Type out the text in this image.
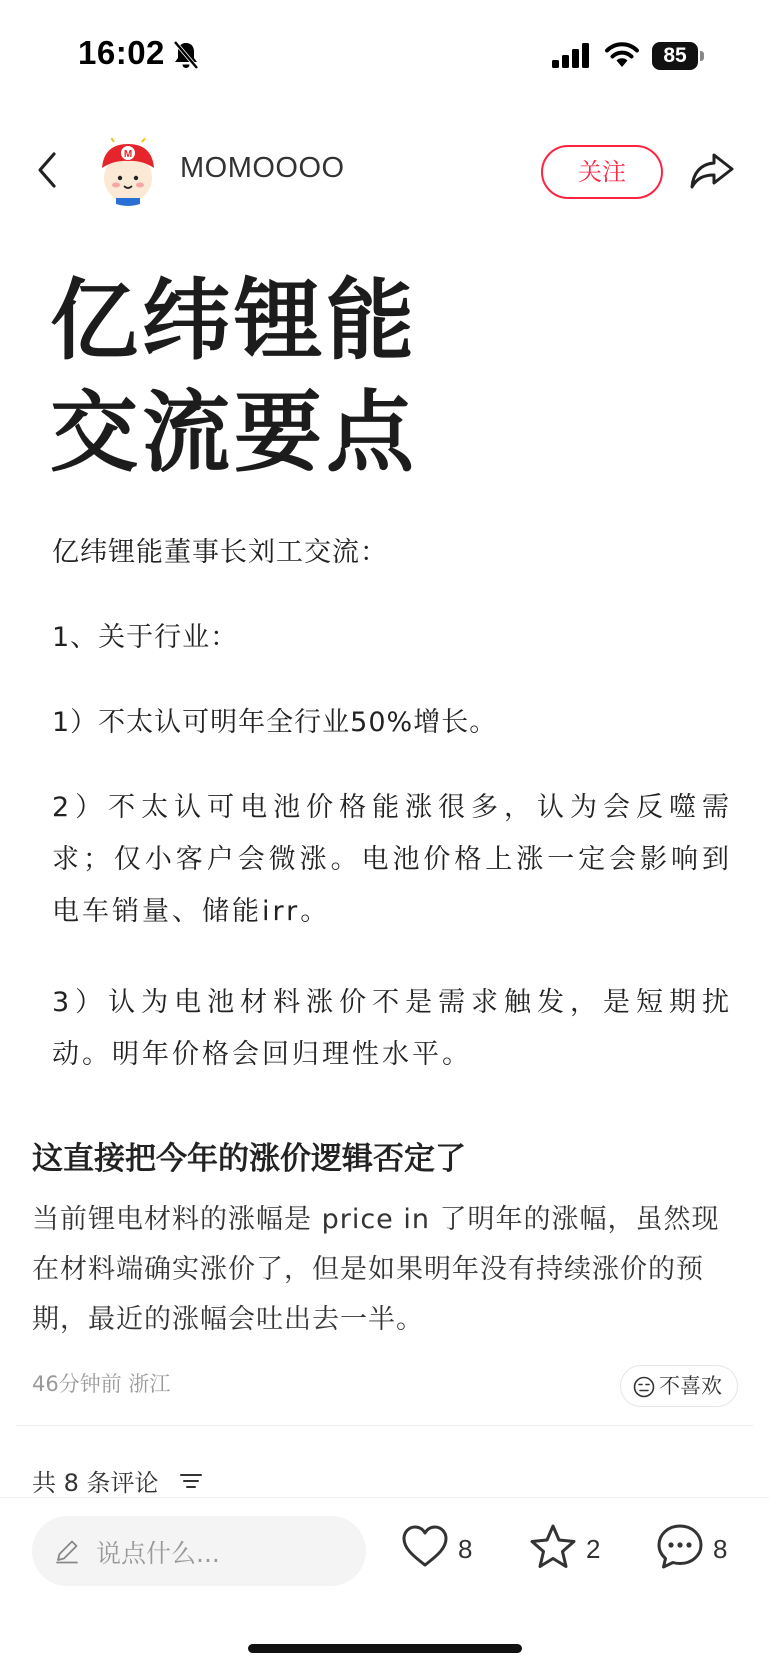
16:02	85
M MOMOOOO	关注
亿纬锂能
交流要点

亿纬锂能董事长刘工交流：

1、关于行业：

1）不太认可明年全行业50%增长。

2）不太认可电池价格能涨很多，认为会反噬需求；仅小客户会微涨。电池价格上涨一定会影响到电车销量、储能irr。

3）认为电池材料涨价不是需求触发，是短期扰动。明年价格会回归理性水平。

这直接把今年的涨价逻辑否定了
当前锂电材料的涨幅是 price in 了明年的涨幅，虽然现在材料端确实涨价了，但是如果明年没有持续涨价的预期，最近的涨幅会吐出去一半。
46分钟前 浙江	不喜欢
共 8 条评论
说点什么...	8	2	8
